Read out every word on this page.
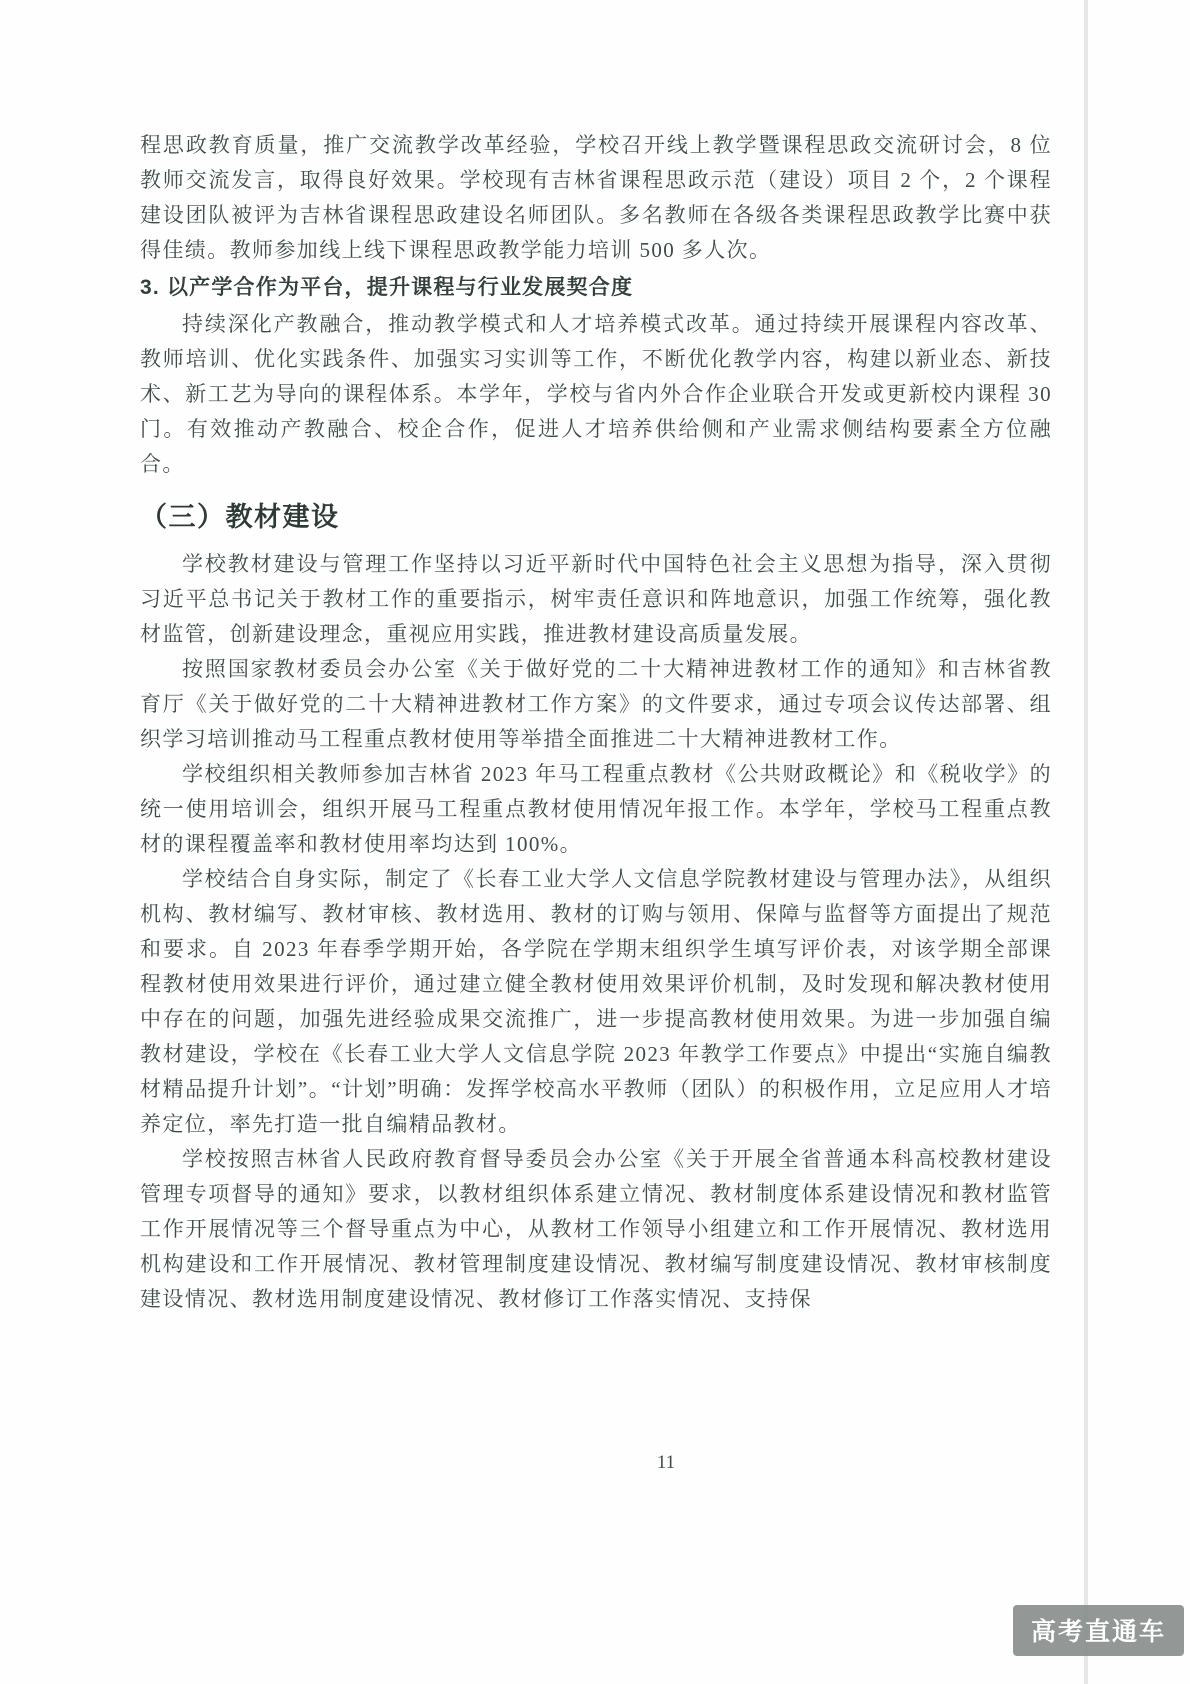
程思政教育质量，推广交流教学改革经验，学校召开线上教学暨课程思政交流研讨会，8 位教师交流发言，取得良好效果。学校现有吉林省课程思政示范（建设）项目 2 个，2 个课程建设团队被评为吉林省课程思政建设名师团队。多名教师在各级各类课程思政教学比赛中获得佳绩。教师参加线上线下课程思政教学能力培训 500 多人次。

3. 以产学合作为平台，提升课程与行业发展契合度

持续深化产教融合，推动教学模式和人才培养模式改革。通过持续开展课程内容改革、教师培训、优化实践条件、加强实习实训等工作，不断优化教学内容，构建以新业态、新技术、新工艺为导向的课程体系。本学年，学校与省内外合作企业联合开发或更新校内课程 30 门。有效推动产教融合、校企合作，促进人才培养供给侧和产业需求侧结构要素全方位融合。

（三）教材建设

学校教材建设与管理工作坚持以习近平新时代中国特色社会主义思想为指导，深入贯彻习近平总书记关于教材工作的重要指示，树牢责任意识和阵地意识，加强工作统筹，强化教材监管，创新建设理念，重视应用实践，推进教材建设高质量发展。

按照国家教材委员会办公室《关于做好党的二十大精神进教材工作的通知》和吉林省教育厅《关于做好党的二十大精神进教材工作方案》的文件要求，通过专项会议传达部署、组织学习培训推动马工程重点教材使用等举措全面推进二十大精神进教材工作。

学校组织相关教师参加吉林省 2023 年马工程重点教材《公共财政概论》和《税收学》的统一使用培训会，组织开展马工程重点教材使用情况年报工作。本学年，学校马工程重点教材的课程覆盖率和教材使用率均达到 100%。

学校结合自身实际，制定了《长春工业大学人文信息学院教材建设与管理办法》，从组织机构、教材编写、教材审核、教材选用、教材的订购与领用、保障与监督等方面提出了规范和要求。自 2023 年春季学期开始，各学院在学期末组织学生填写评价表，对该学期全部课程教材使用效果进行评价，通过建立健全教材使用效果评价机制，及时发现和解决教材使用中存在的问题，加强先进经验成果交流推广，进一步提高教材使用效果。为进一步加强自编教材建设，学校在《长春工业大学人文信息学院 2023 年教学工作要点》中提出“实施自编教材精品提升计划”。“计划”明确：发挥学校高水平教师（团队）的积极作用，立足应用人才培养定位，率先打造一批自编精品教材。

学校按照吉林省人民政府教育督导委员会办公室《关于开展全省普通本科高校教材建设管理专项督导的通知》要求，以教材组织体系建立情况、教材制度体系建设情况和教材监管工作开展情况等三个督导重点为中心，从教材工作领导小组建立和工作开展情况、教材选用机构建设和工作开展情况、教材管理制度建设情况、教材编写制度建设情况、教材审核制度建设情况、教材选用制度建设情况、教材修订工作落实情况、支持保

11
高考直通车
